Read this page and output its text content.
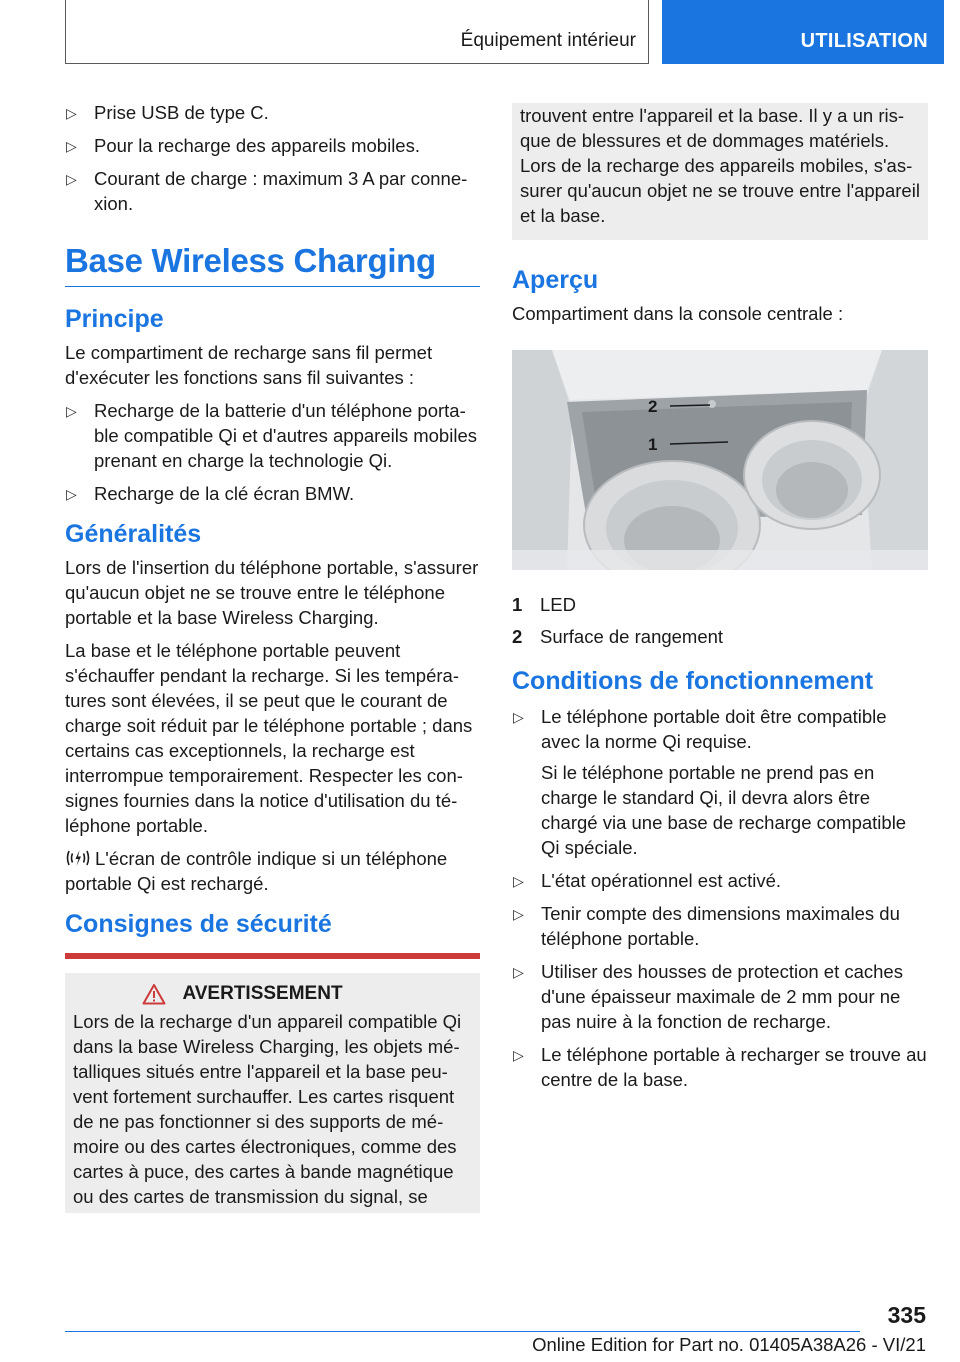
Équipement intérieur	UTILISATION
▷ Prise USB de type C.
▷ Pour la recharge des appareils mobiles.
▷ Courant de charge : maximum 3 A par connexion.
Base Wireless Charging
Principe

Le compartiment de recharge sans fil permet d'exécuter les fonctions sans fil suivantes :

▷ Recharge de la batterie d'un téléphone portable compatible Qi et d'autres appareils mobiles prenant en charge la technologie Qi.
▷ Recharge de la clé écran BMW.
Généralités

Lors de l'insertion du téléphone portable, s'assurer qu'aucun objet ne se trouve entre le téléphone portable et la base Wireless Charging.

La base et le téléphone portable peuvent s'échauffer pendant la recharge. Si les températures sont élevées, il se peut que le courant de charge soit réduit par le téléphone portable ; dans certains cas exceptionnels, la recharge est interrompue temporairement. Respecter les consignes fournies dans la notice d'utilisation du téléphone portable.

L'écran de contrôle indique si un téléphone portable Qi est rechargé.

Consignes de sécurité
AVERTISSEMENT

Lors de la recharge d'un appareil compatible Qi dans la base Wireless Charging, les objets métalliques situés entre l'appareil et la base peuvent fortement surchauffer. Les cartes risquent de ne pas fonctionner si des supports de mémoire ou des cartes électroniques, comme des cartes à puce, des cartes à bande magnétique ou des cartes de transmission du signal, se

trouvent entre l'appareil et la base. Il y a un risque de blessures et de dommages matériels. Lors de la recharge des appareils mobiles, s'assurer qu'aucun objet ne se trouve entre l'appareil et la base.

Aperçu

Compartiment dans la console centrale :

2
1
1 LED
2 Surface de rangement
Conditions de fonctionnement
▷ Le téléphone portable doit être compatible avec la norme Qi requise.

Si le téléphone portable ne prend pas en charge le standard Qi, il devra alors être chargé via une base de recharge compatible Qi spéciale.

▷ L'état opérationnel est activé.
▷ Tenir compte des dimensions maximales du téléphone portable.
▷ Utiliser des housses de protection et caches d'une épaisseur maximale de 2 mm pour ne pas nuire à la fonction de recharge.
▷ Le téléphone portable à recharger se trouve au centre de la base.
335
Online Edition for Part no. 01405A38A26 - VI/21
